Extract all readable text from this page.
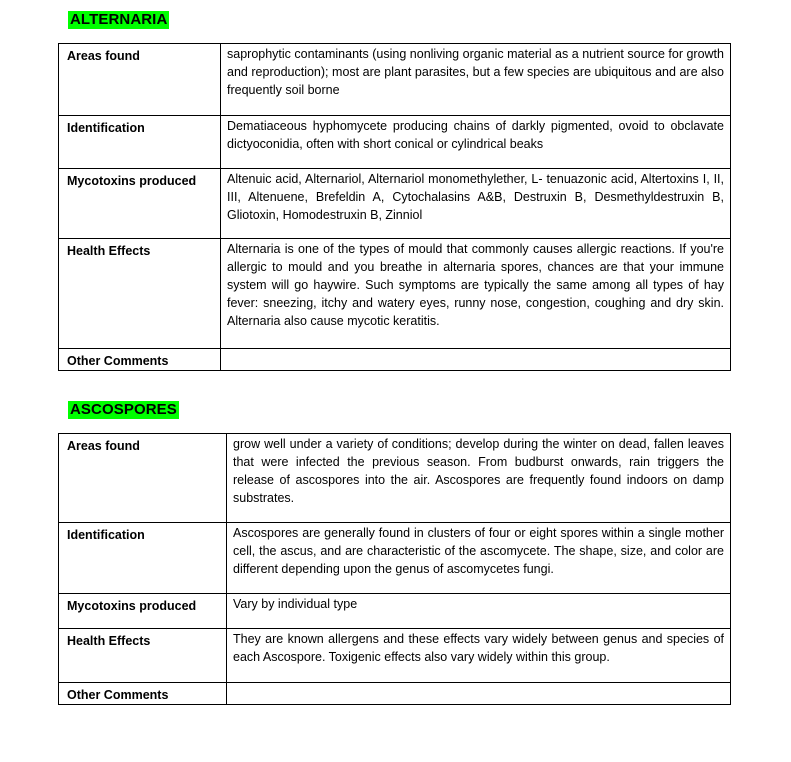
ALTERNARIA
Areas found	saprophytic contaminants (using nonliving organic material as a nutrient source for growth and reproduction); most are plant parasites, but a few species are ubiquitous and are also frequently soil borne
Identification	Dematiaceous hyphomycete producing chains of darkly pigmented, ovoid to obclavate dictyoconidia, often with short conical or cylindrical beaks
Mycotoxins produced	Altenuic acid, Alternariol, Alternariol monomethylether, L- tenuazonic acid, Altertoxins I, II, III, Altenuene, Brefeldin A, Cytochalasins A&B, Destruxin B, Desmethyldestruxin B, Gliotoxin, Homodestruxin B, Zinniol
Health Effects	Alternaria is one of the types of mould that commonly causes allergic reactions. If you're allergic to mould and you breathe in alternaria spores, chances are that your immune system will go haywire. Such symptoms are typically the same among all types of hay fever: sneezing, itchy and watery eyes, runny nose, congestion, coughing and dry skin. Alternaria also cause mycotic keratitis.
Other Comments	
ASCOSPORES
Areas found	grow well under a variety of conditions; develop during the winter on dead, fallen leaves that were infected the previous season. From budburst onwards, rain triggers the release of ascospores into the air. Ascospores are frequently found indoors on damp substrates.
Identification	Ascospores are generally found in clusters of four or eight spores within a single mother cell, the ascus, and are characteristic of the ascomycete. The shape, size, and color are different depending upon the genus of ascomycetes fungi.
Mycotoxins produced	Vary by individual type
Health Effects	They are known allergens and these effects vary widely between genus and species of each Ascospore. Toxigenic effects also vary widely within this group.
Other Comments	
